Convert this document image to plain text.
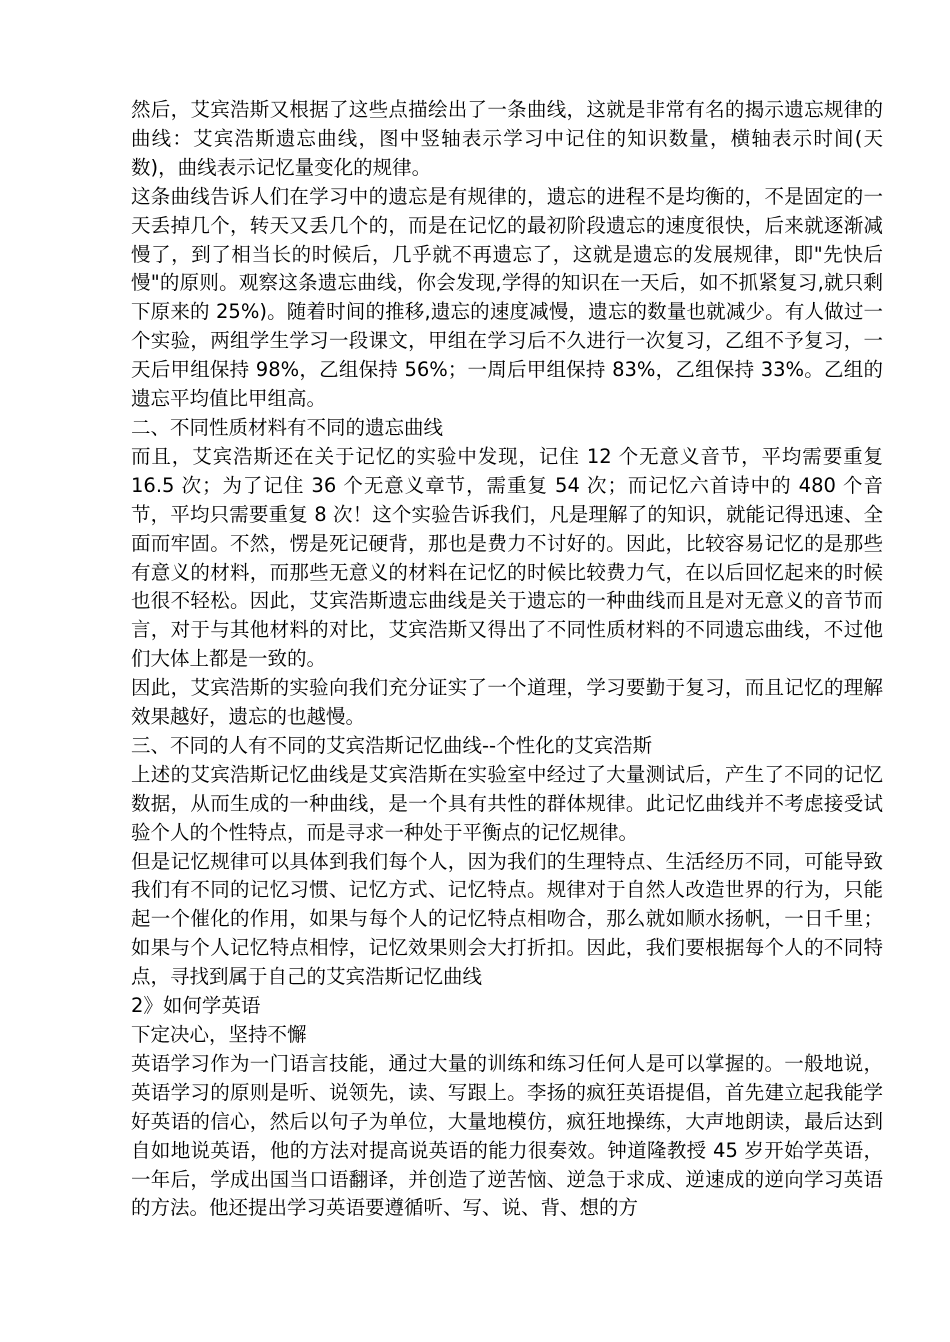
然后，艾宾浩斯又根据了这些点描绘出了一条曲线，这就是非常有名的揭示遗忘规律的曲线：艾宾浩斯遗忘曲线，图中竖轴表示学习中记住的知识数量，横轴表示时间(天数)，曲线表示记忆量变化的规律。

这条曲线告诉人们在学习中的遗忘是有规律的，遗忘的进程不是均衡的，不是固定的一天丢掉几个，转天又丢几个的，而是在记忆的最初阶段遗忘的速度很快，后来就逐渐减慢了，到了相当长的时候后，几乎就不再遗忘了，这就是遗忘的发展规律，即"先快后慢"的原则。观察这条遗忘曲线，你会发现,学得的知识在一天后，如不抓紧复习,就只剩下原来的 25%)。随着时间的推移,遗忘的速度减慢，遗忘的数量也就减少。有人做过一个实验，两组学生学习一段课文，甲组在学习后不久进行一次复习，乙组不予复习，一天后甲组保持 98%，乙组保持 56%；一周后甲组保持 83%，乙组保持 33%。乙组的遗忘平均值比甲组高。

二、不同性质材料有不同的遗忘曲线

而且，艾宾浩斯还在关于记忆的实验中发现，记住 12 个无意义音节，平均需要重复 16.5 次；为了记住 36 个无意义章节，需重复 54 次；而记忆六首诗中的 480 个音节，平均只需要重复 8 次！这个实验告诉我们，凡是理解了的知识，就能记得迅速、全面而牢固。不然，愣是死记硬背，那也是费力不讨好的。因此，比较容易记忆的是那些有意义的材料，而那些无意义的材料在记忆的时候比较费力气，在以后回忆起来的时候也很不轻松。因此，艾宾浩斯遗忘曲线是关于遗忘的一种曲线而且是对无意义的音节而言，对于与其他材料的对比，艾宾浩斯又得出了不同性质材料的不同遗忘曲线，不过他们大体上都是一致的。

因此，艾宾浩斯的实验向我们充分证实了一个道理，学习要勤于复习，而且记忆的理解效果越好，遗忘的也越慢。

三、不同的人有不同的艾宾浩斯记忆曲线--个性化的艾宾浩斯

上述的艾宾浩斯记忆曲线是艾宾浩斯在实验室中经过了大量测试后，产生了不同的记忆数据，从而生成的一种曲线，是一个具有共性的群体规律。此记忆曲线并不考虑接受试验个人的个性特点，而是寻求一种处于平衡点的记忆规律。

但是记忆规律可以具体到我们每个人，因为我们的生理特点、生活经历不同，可能导致我们有不同的记忆习惯、记忆方式、记忆特点。规律对于自然人改造世界的行为，只能起一个催化的作用，如果与每个人的记忆特点相吻合，那么就如顺水扬帆，一日千里；如果与个人记忆特点相悖，记忆效果则会大打折扣。因此，我们要根据每个人的不同特点，寻找到属于自己的艾宾浩斯记忆曲线

2》如何学英语

下定决心，坚持不懈

英语学习作为一门语言技能，通过大量的训练和练习任何人是可以掌握的。一般地说，英语学习的原则是听、说领先，读、写跟上。李扬的疯狂英语提倡，首先建立起我能学好英语的信心，然后以句子为单位，大量地模仿，疯狂地操练，大声地朗读，最后达到自如地说英语，他的方法对提高说英语的能力很奏效。钟道隆教授 45 岁开始学英语，一年后，学成出国当口语翻译，并创造了逆苦恼、逆急于求成、逆速成的逆向学习英语的方法。他还提出学习英语要遵循听、写、说、背、想的方
